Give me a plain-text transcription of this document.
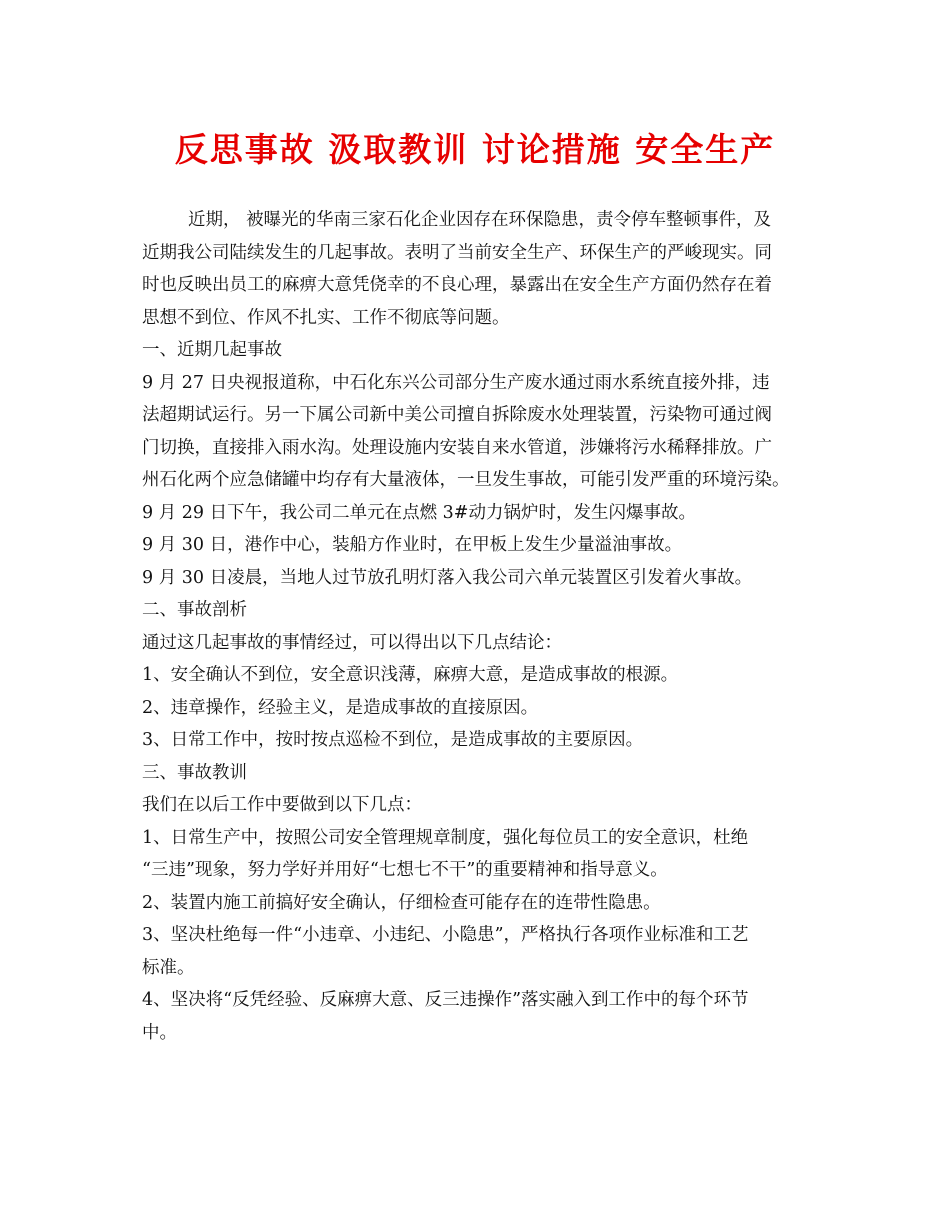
反思事故 汲取教训 讨论措施 安全生产
近期， 被曝光的华南三家石化企业因存在环保隐患，责令停车整顿事件，及
近期我公司陆续发生的几起事故。表明了当前安全生产、环保生产的严峻现实。同
时也反映出员工的麻痹大意凭侥幸的不良心理，暴露出在安全生产方面仍然存在着
思想不到位、作风不扎实、工作不彻底等问题。
一、近期几起事故
9 月 27 日央视报道称，中石化东兴公司部分生产废水通过雨水系统直接外排，违
法超期试运行。另一下属公司新中美公司擅自拆除废水处理装置，污染物可通过阀
门切换，直接排入雨水沟。处理设施内安装自来水管道，涉嫌将污水稀释排放。广
州石化两个应急储罐中均存有大量液体，一旦发生事故，可能引发严重的环境污染。
9 月 29 日下午，我公司二单元在点燃 3#动力锅炉时，发生闪爆事故。
9 月 30 日，港作中心，装船方作业时，在甲板上发生少量溢油事故。
9 月 30 日凌晨，当地人过节放孔明灯落入我公司六单元装置区引发着火事故。
二、事故剖析
通过这几起事故的事情经过，可以得出以下几点结论：
1、安全确认不到位，安全意识浅薄，麻痹大意，是造成事故的根源。
2、违章操作，经验主义，是造成事故的直接原因。
3、日常工作中，按时按点巡检不到位，是造成事故的主要原因。
三、事故教训
我们在以后工作中要做到以下几点：
1、日常生产中，按照公司安全管理规章制度，强化每位员工的安全意识，杜绝
“三违”现象，努力学好并用好“七想七不干”的重要精神和指导意义。
2、装置内施工前搞好安全确认，仔细检查可能存在的连带性隐患。
3、坚决杜绝每一件“小违章、小违纪、小隐患”，严格执行各项作业标准和工艺
标准。
4、坚决将“反凭经验、反麻痹大意、反三违操作”落实融入到工作中的每个环节
中。
